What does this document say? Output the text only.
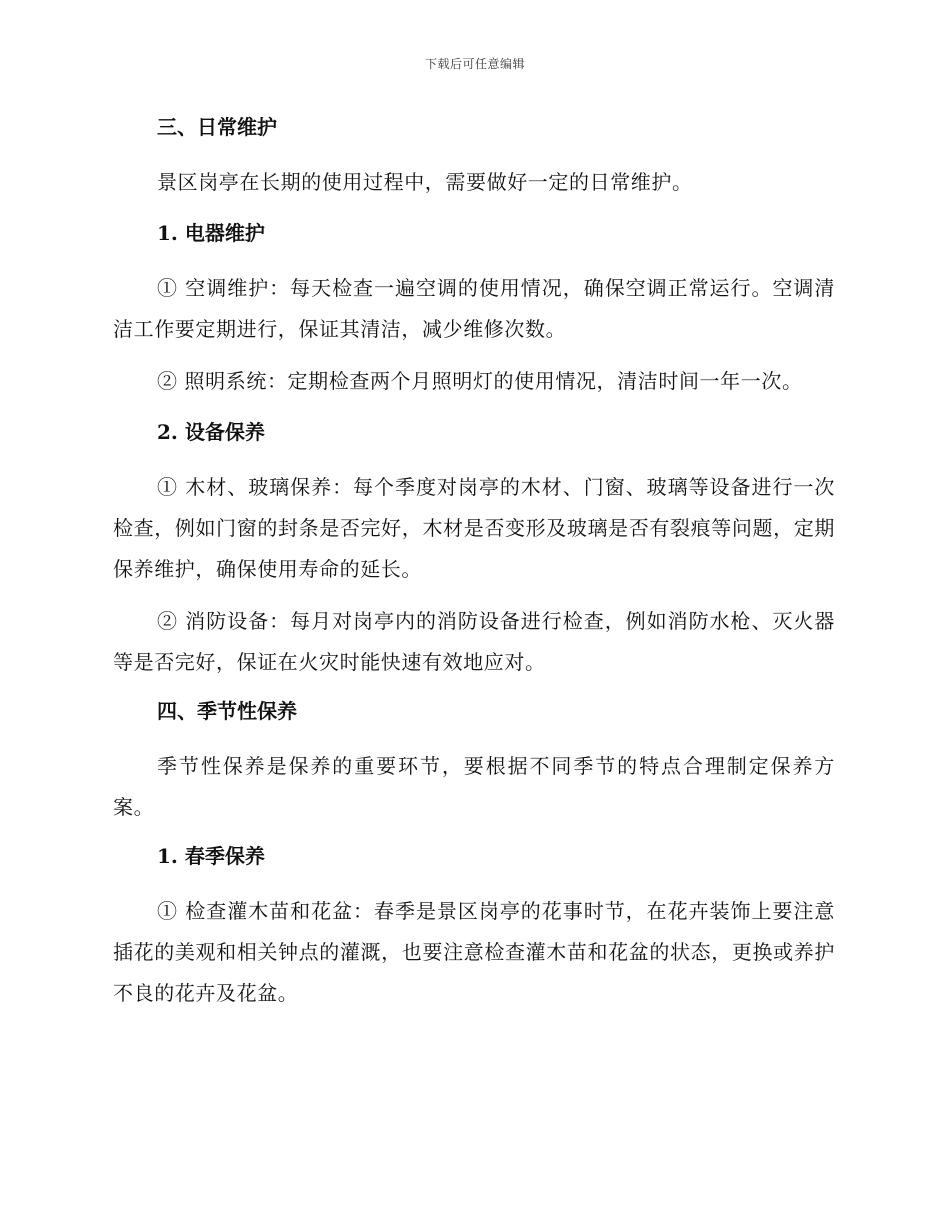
下载后可任意编辑
三、日常维护
景区岗亭在长期的使用过程中，需要做好一定的日常维护。
1. 电器维护
① 空调维护：每天检查一遍空调的使用情况，确保空调正常运行。空调清洁工作要定期进行，保证其清洁，减少维修次数。
② 照明系统：定期检查两个月照明灯的使用情况，清洁时间一年一次。
2. 设备保养
① 木材、玻璃保养：每个季度对岗亭的木材、门窗、玻璃等设备进行一次检查，例如门窗的封条是否完好，木材是否变形及玻璃是否有裂痕等问题，定期保养维护，确保使用寿命的延长。
② 消防设备：每月对岗亭内的消防设备进行检查，例如消防水枪、灭火器等是否完好，保证在火灾时能快速有效地应对。
四、季节性保养
季节性保养是保养的重要环节，要根据不同季节的特点合理制定保养方案。
1. 春季保养
① 检查灌木苗和花盆：春季是景区岗亭的花事时节，在花卉装饰上要注意插花的美观和相关钟点的灌溉，也要注意检查灌木苗和花盆的状态，更换或养护不良的花卉及花盆。
